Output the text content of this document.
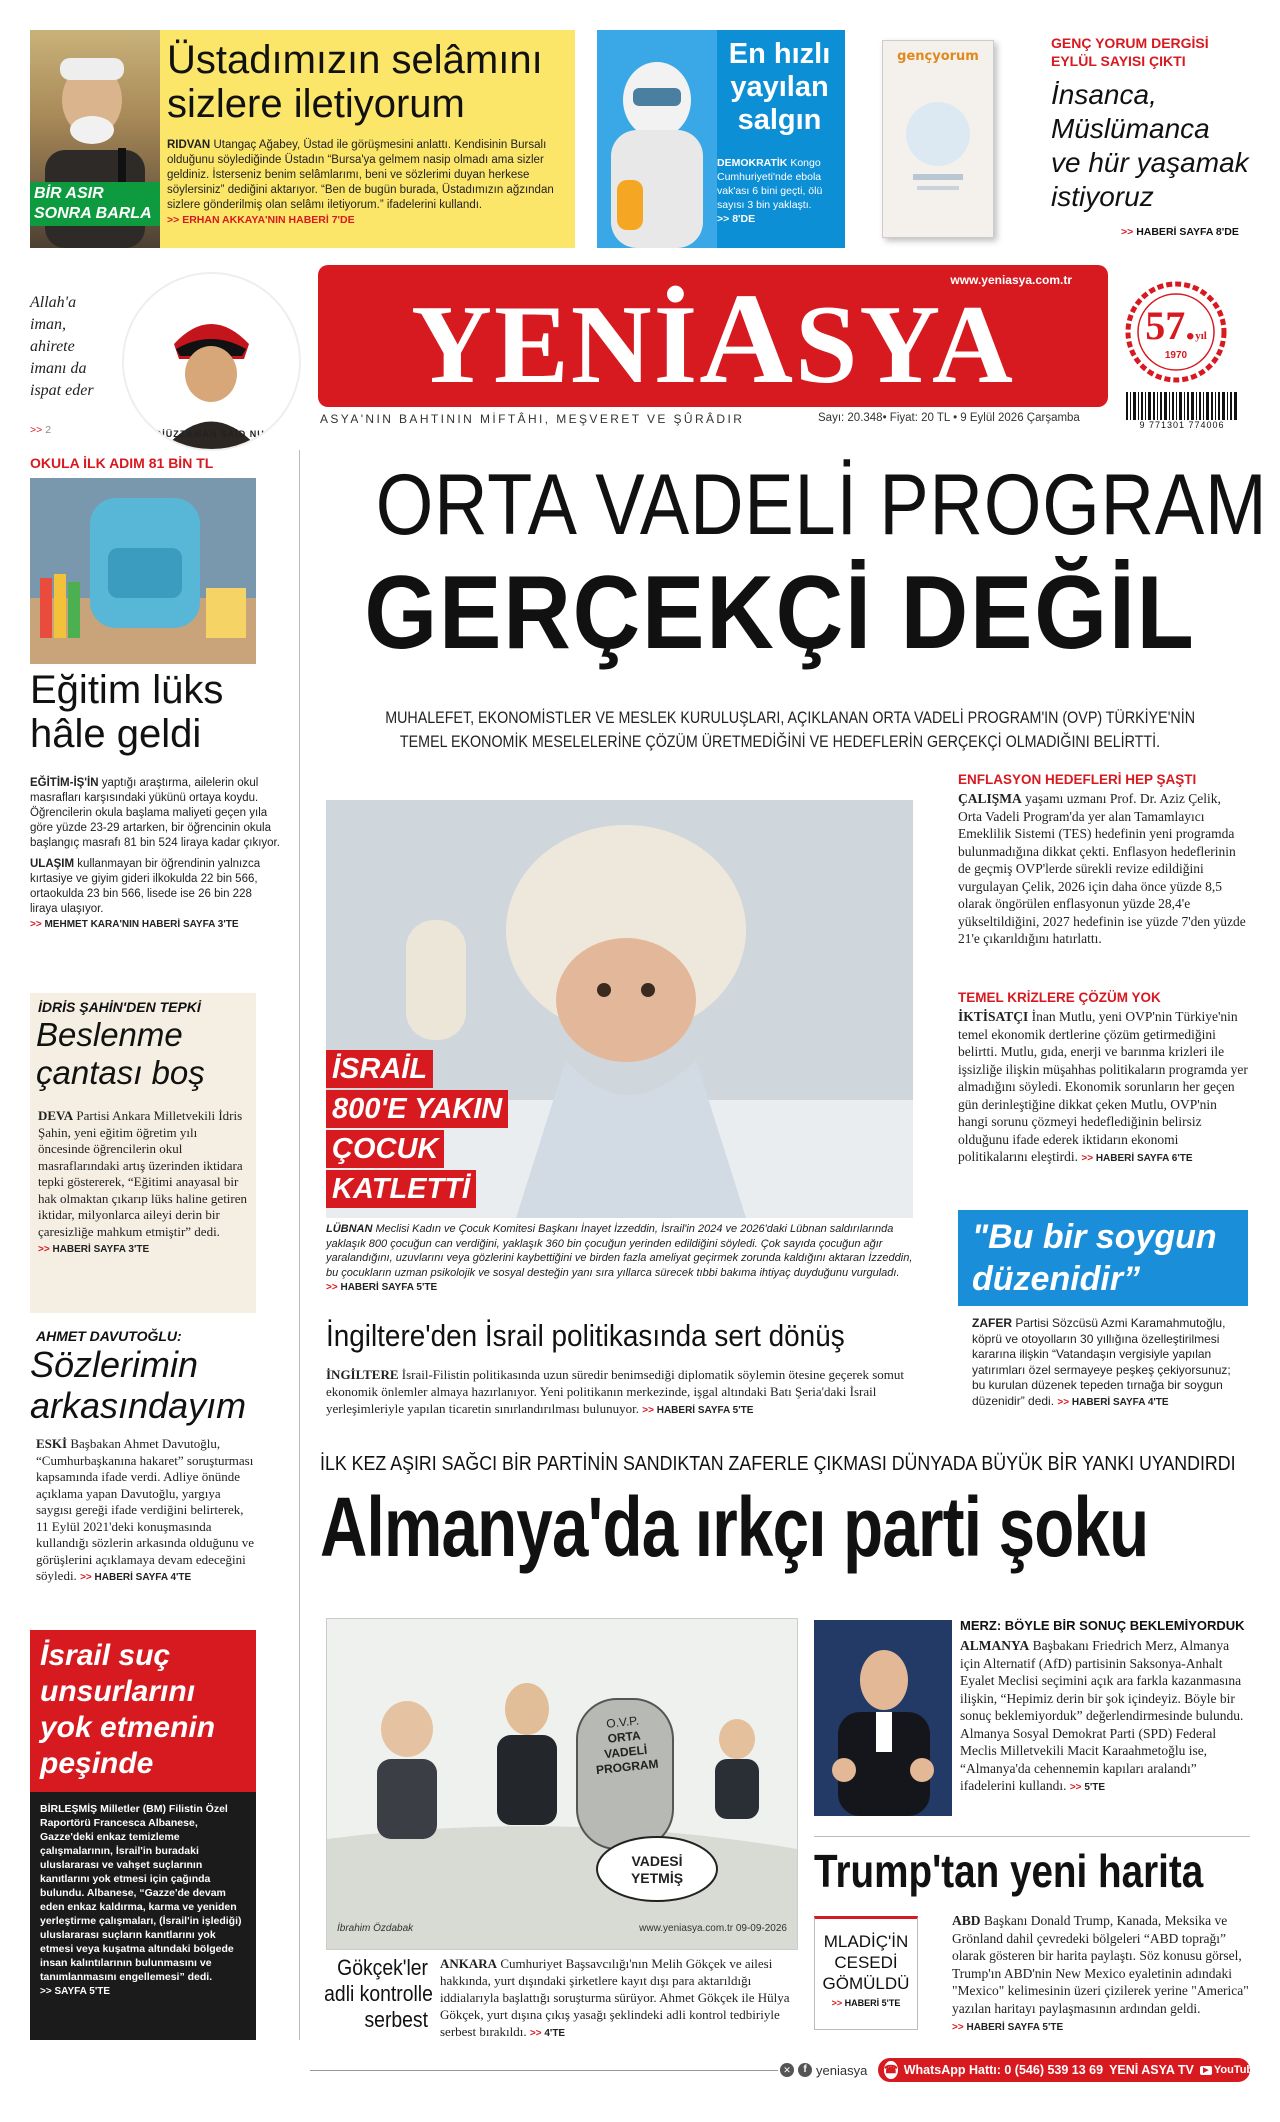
BİR ASIR
SONRA BARLA
Üstadımızın selâmını
sizlere iletiyorum
RIDVAN Utangaç Ağabey, Üstad ile görüşmesini anlattı. Kendisinin Bursalı olduğunu söylediğinde Üstadın “Bursa'ya gelmem nasip olmadı ama sizler geldiniz. İsterseniz benim selâmlarımı, beni ve sözlerimi duyan herkese söylersiniz” dediğini aktarıyor. “Ben de bugün burada, Üstadımızın ağzından sizlere gönderilmiş olan selâmı iletiyorum.” ifadelerini kullandı. >> ERHAN AKKAYA'NIN HABERİ 7'DE
En hızlı
yayılan
salgın
DEMOKRATİK Kongo Cumhuriyeti'nde ebola vak'ası 6 bini geçti, ölü sayısı 3 bin yaklaştı. >> 8'DE
gençyorum
GENÇ YORUM DERGİSİ
EYLÜL SAYISI ÇIKTI
İnsanca,
Müslümanca
ve hür yaşamak
istiyoruz
>> HABERİ SAYFA 8'DE
Allah'a iman,
ahirete
imanı da
ispat eder
>> 2	BEDİÜZZAMAN SAİD NURSİ
www.yeniasya.com.tr
YENİASYA	57.yıl
1970
9 771301 774006
ASYA'NIN BAHTININ MİFTÂHI, MEŞVERET VE ŞÛRÂDIR	Sayı: 20.348• Fiyat: 20 TL • 9 Eylül 2026 Çarşamba
OKULA İLK ADIM 81 BİN TL
Eğitim lüks
hâle geldi

EĞİTİM-İŞ'İN yaptığı araştırma, ailelerin okul masrafları karşısındaki yükünü ortaya koydu. Öğrencilerin okula başlama maliyeti geçen yıla göre yüzde 23-29 artarken, bir öğrencinin okula başlangıç masrafı 81 bin 524 liraya kadar çıkıyor.

ULAŞIM kullanmayan bir öğrendinin yalnızca kırtasiye ve giyim gideri ilkokulda 22 bin 566, ortaokulda 23 bin 566, lisede ise 26 bin 228 liraya ulaşıyor.

>> MEHMET KARA'NIN HABERİ SAYFA 3'TE
İDRİS ŞAHİN'DEN TEPKİ
Beslenme
çantası boş
DEVA Partisi Ankara Milletvekili İdris Şahin, yeni eğitim öğretim yılı öncesinde öğrencilerin okul masraflarındaki artış üzerinden iktidara tepki göstererek, “Eğitimi anayasal bir hak olmaktan çıkarıp lüks haline getiren iktidar, milyonlarca aileyi derin bir çaresizliğe mahkum etmiştir” dedi. >> HABERİ SAYFA 3'TE
AHMET DAVUTOĞLU:
Sözlerimin
arkasındayım
ESKİ Başbakan Ahmet Davutoğlu, “Cumhurbaşkanına hakaret” soruşturması kapsamında ifade verdi. Adliye önünde açıklama yapan Davutoğlu, yargıya saygısı gereği ifade verdiğini belirterek, 11 Eylül 2021'deki konuşmasında kullandığı sözlerin arkasında olduğunu ve görüşlerini açıklamaya devam edeceğini söyledi. >> HABERİ SAYFA 4'TE
İsrail suç
unsurlarını
yok etmenin
peşinde
BİRLEŞMİŞ Milletler (BM) Filistin Özel Raportörü Francesca Albanese, Gazze'deki enkaz temizleme çalışmalarının, İsrail'in buradaki uluslararası ve vahşet suçlarının kanıtlarını yok etmesi için çağında bulundu. Albanese, “Gazze'de devam eden enkaz kaldırma, karma ve yeniden yerleştirme çalışmaları, (İsrail'in işlediği) uluslararası suçların kanıtlarını yok etmesi veya kuşatma altındaki bölgede insan kalıntılarının bulunmasını ve tanımlanmasını engellemesi” dedi. >> SAYFA 5'TE
ORTA VADELİ PROGRAM
GERÇEKÇİ DEĞİL
MUHALEFET, EKONOMİSTLER VE MESLEK KURULUŞLARI, AÇIKLANAN ORTA VADELİ PROGRAM'IN (OVP) TÜRKİYE'NİN
TEMEL EKONOMİK MESELELERİNE ÇÖZÜM ÜRETMEDİĞİNİ VE HEDEFLERİN GERÇEKÇİ OLMADIĞINI BELİRTTİ.
İSRAİL
800'E YAKIN
ÇOCUK
KATLETTİ
LÜBNAN Meclisi Kadın ve Çocuk Komitesi Başkanı İnayet İzzeddin, İsrail'in 2024 ve 2026'daki Lübnan saldırılarında yaklaşık 800 çocuğun can verdiğini, yaklaşık 360 bin çocuğun yerinden edildiğini söyledi. Çok sayıda çocuğun ağır yaralandığını, uzuvlarını veya gözlerini kaybettiğini ve birden fazla ameliyat geçirmek zorunda kaldığını aktaran İzzeddin, bu çocukların uzman psikolojik ve sosyal desteğin yanı sıra yıllarca sürecek tıbbi bakıma ihtiyaç duyduğunu vurguladı. >> HABERİ SAYFA 5'TE
İngiltere'den İsrail politikasında sert dönüş
İNGİLTERE İsrail-Filistin politikasında uzun süredir benimsediği diplomatik söylemin ötesine geçerek somut ekonomik önlemler almaya hazırlanıyor. Yeni politikanın merkezinde, işgal altındaki Batı Şeria'daki İsrail yerleşimleriyle yapılan ticaretin sınırlandırılması bulunuyor. >> HABERİ SAYFA 5'TE
ENFLASYON HEDEFLERİ HEP ŞAŞTI
ÇALIŞMA yaşamı uzmanı Prof. Dr. Aziz Çelik, Orta Vadeli Program'da yer alan Tamamlayıcı Emeklilik Sistemi (TES) hedefinin yeni programda bulunmadığına dikkat çekti. Enflasyon hedeflerinin de geçmiş OVP'lerde sürekli revize edildiğini vurgulayan Çelik, 2026 için daha önce yüzde 8,5 olarak öngörülen enflasyonun yüzde 28,4'e yükseltildiğini, 2027 hedefinin ise yüzde 7'den yüzde 21'e çıkarıldığını hatırlattı.
TEMEL KRİZLERE ÇÖZÜM YOK
İKTİSATÇI İnan Mutlu, yeni OVP'nin Türkiye'nin temel ekonomik dertlerine çözüm getirmediğini belirtti. Mutlu, gıda, enerji ve barınma krizleri ile işsizliğe ilişkin müşahhas politikaların programda yer almadığını söyledi. Ekonomik sorunların her geçen gün derinleştiğine dikkat çeken Mutlu, OVP'nin hangi sorunu çözmeyi hedeflediğinin belirsiz olduğunu ifade ederek iktidarın ekonomi politikalarını eleştirdi. >> HABERİ SAYFA 6'TE
"Bu bir soygun
düzenidir”
ZAFER Partisi Sözcüsü Azmi Karamahmutoğlu, köprü ve otoyolların 30 yıllığına özelleştirilmesi kararına ilişkin “Vatandaşın vergisiyle yapılan yatırımları özel sermayeye peşkeş çekiyorsunuz; bu kurulan düzenek tepeden tırnağa bir soygun düzenidir” dedi. >> HABERİ SAYFA 4'TE
İLK KEZ AŞIRI SAĞCI BİR PARTİNİN SANDIKTAN ZAFERLE ÇIKMASI DÜNYADA BÜYÜK BİR YANKI UYANDIRDI
Almanya'da ırkçı parti şoku
O.V.P.
ORTA
VADELİ
PROGRAM
VADESİ
YETMİŞ
İbrahim Özdabak	www.yeniasya.com.tr 09-09-2026
MERZ: BÖYLE BİR SONUÇ BEKLEMİYORDUK
ALMANYA Başbakanı Friedrich Merz, Almanya için Alternatif (AfD) partisinin Saksonya-Anhalt Eyalet Meclisi seçimini açık ara farkla kazanmasına ilişkin, “Hepimiz derin bir şok içindeyiz. Böyle bir sonuç beklemiyorduk” değerlendirmesinde bulundu. Almanya Sosyal Demokrat Parti (SPD) Federal Meclis Milletvekili Macit Karaahmetoğlu ise, “Almanya'da cehennemin kapıları aralandı” ifadelerini kullandı. >> 5'TE
Gökçek'ler
adli kontrolle
serbest
ANKARA Cumhuriyet Başsavcılığı'nın Melih Gökçek ve ailesi hakkında, yurt dışındaki şirketlere kayıt dışı para aktarıldığı iddialarıyla başlattığı soruşturma sürüyor. Ahmet Gökçek ile Hülya Gökçek, yurt dışına çıkış yasağı şeklindeki adli kontrol tedbiriyle serbest bırakıldı. >> 4'TE
Trump'tan yeni harita
MLADİÇ'İN
CESEDİ
GÖMÜLDÜ
>> HABERİ 5'TE
ABD Başkanı Donald Trump, Kanada, Meksika ve Grönland dahil çevredeki bölgeleri “ABD toprağı” olarak gösteren bir harita paylaştı. Söz konusu görsel, Trump'ın ABD'nin New Mexico eyaletinin adındaki "Mexico" kelimesinin üzeri çizilerek yerine "America" yazılan haritayı paylaşmasının ardından geldi. >> HABERİ SAYFA 5'TE
✕	f yeniasya ☎ WhatsApp Hattı: 0 (546) 539 13 69 YENİ ASYA TV	▶ YouTube
